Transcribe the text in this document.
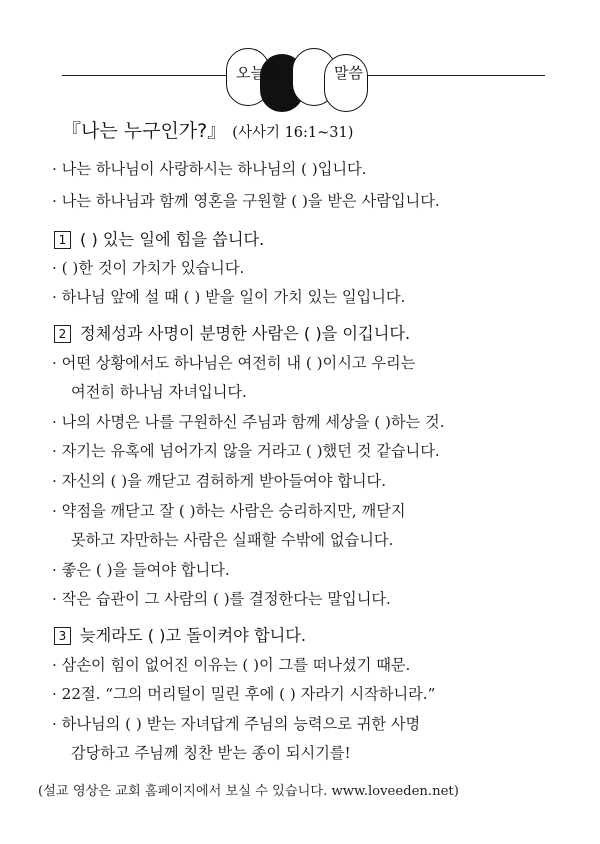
오늘의	말씀
『나는 누구인가?』 (사사기 16:1~31)
· 나는 하나님이 사랑하시는 하나님의 ( )입니다.
· 나는 하나님과 함께 영혼을 구원할 ( )을 받은 사람입니다.
1 ( ) 있는 일에 힘을 씁니다.
· ( )한 것이 가치가 있습니다.
· 하나님 앞에 설 때 ( ) 받을 일이 가치 있는 일입니다.
2 정체성과 사명이 분명한 사람은 ( )을 이깁니다.
· 어떤 상황에서도 하나님은 여전히 내 ( )이시고 우리는
여전히 하나님 자녀입니다.
· 나의 사명은 나를 구원하신 주님과 함께 세상을 ( )하는 것.
· 자기는 유혹에 넘어가지 않을 거라고 ( )했던 것 같습니다.
· 자신의 ( )을 깨닫고 겸허하게 받아들여야 합니다.
· 약점을 깨닫고 잘 ( )하는 사람은 승리하지만, 깨닫지
못하고 자만하는 사람은 실패할 수밖에 없습니다.
· 좋은 ( )을 들여야 합니다.
· 작은 습관이 그 사람의 ( )를 결정한다는 말입니다.
3 늦게라도 ( )고 돌이켜야 합니다.
· 삼손이 힘이 없어진 이유는 ( )이 그를 떠나셨기 때문.
· 22절. “그의 머리털이 밀린 후에 ( ) 자라기 시작하니라.”
· 하나님의 ( ) 받는 자녀답게 주님의 능력으로 귀한 사명
감당하고 주님께 칭찬 받는 종이 되시기를!
(설교 영상은 교회 홈페이지에서 보실 수 있습니다. www.loveeden.net)
